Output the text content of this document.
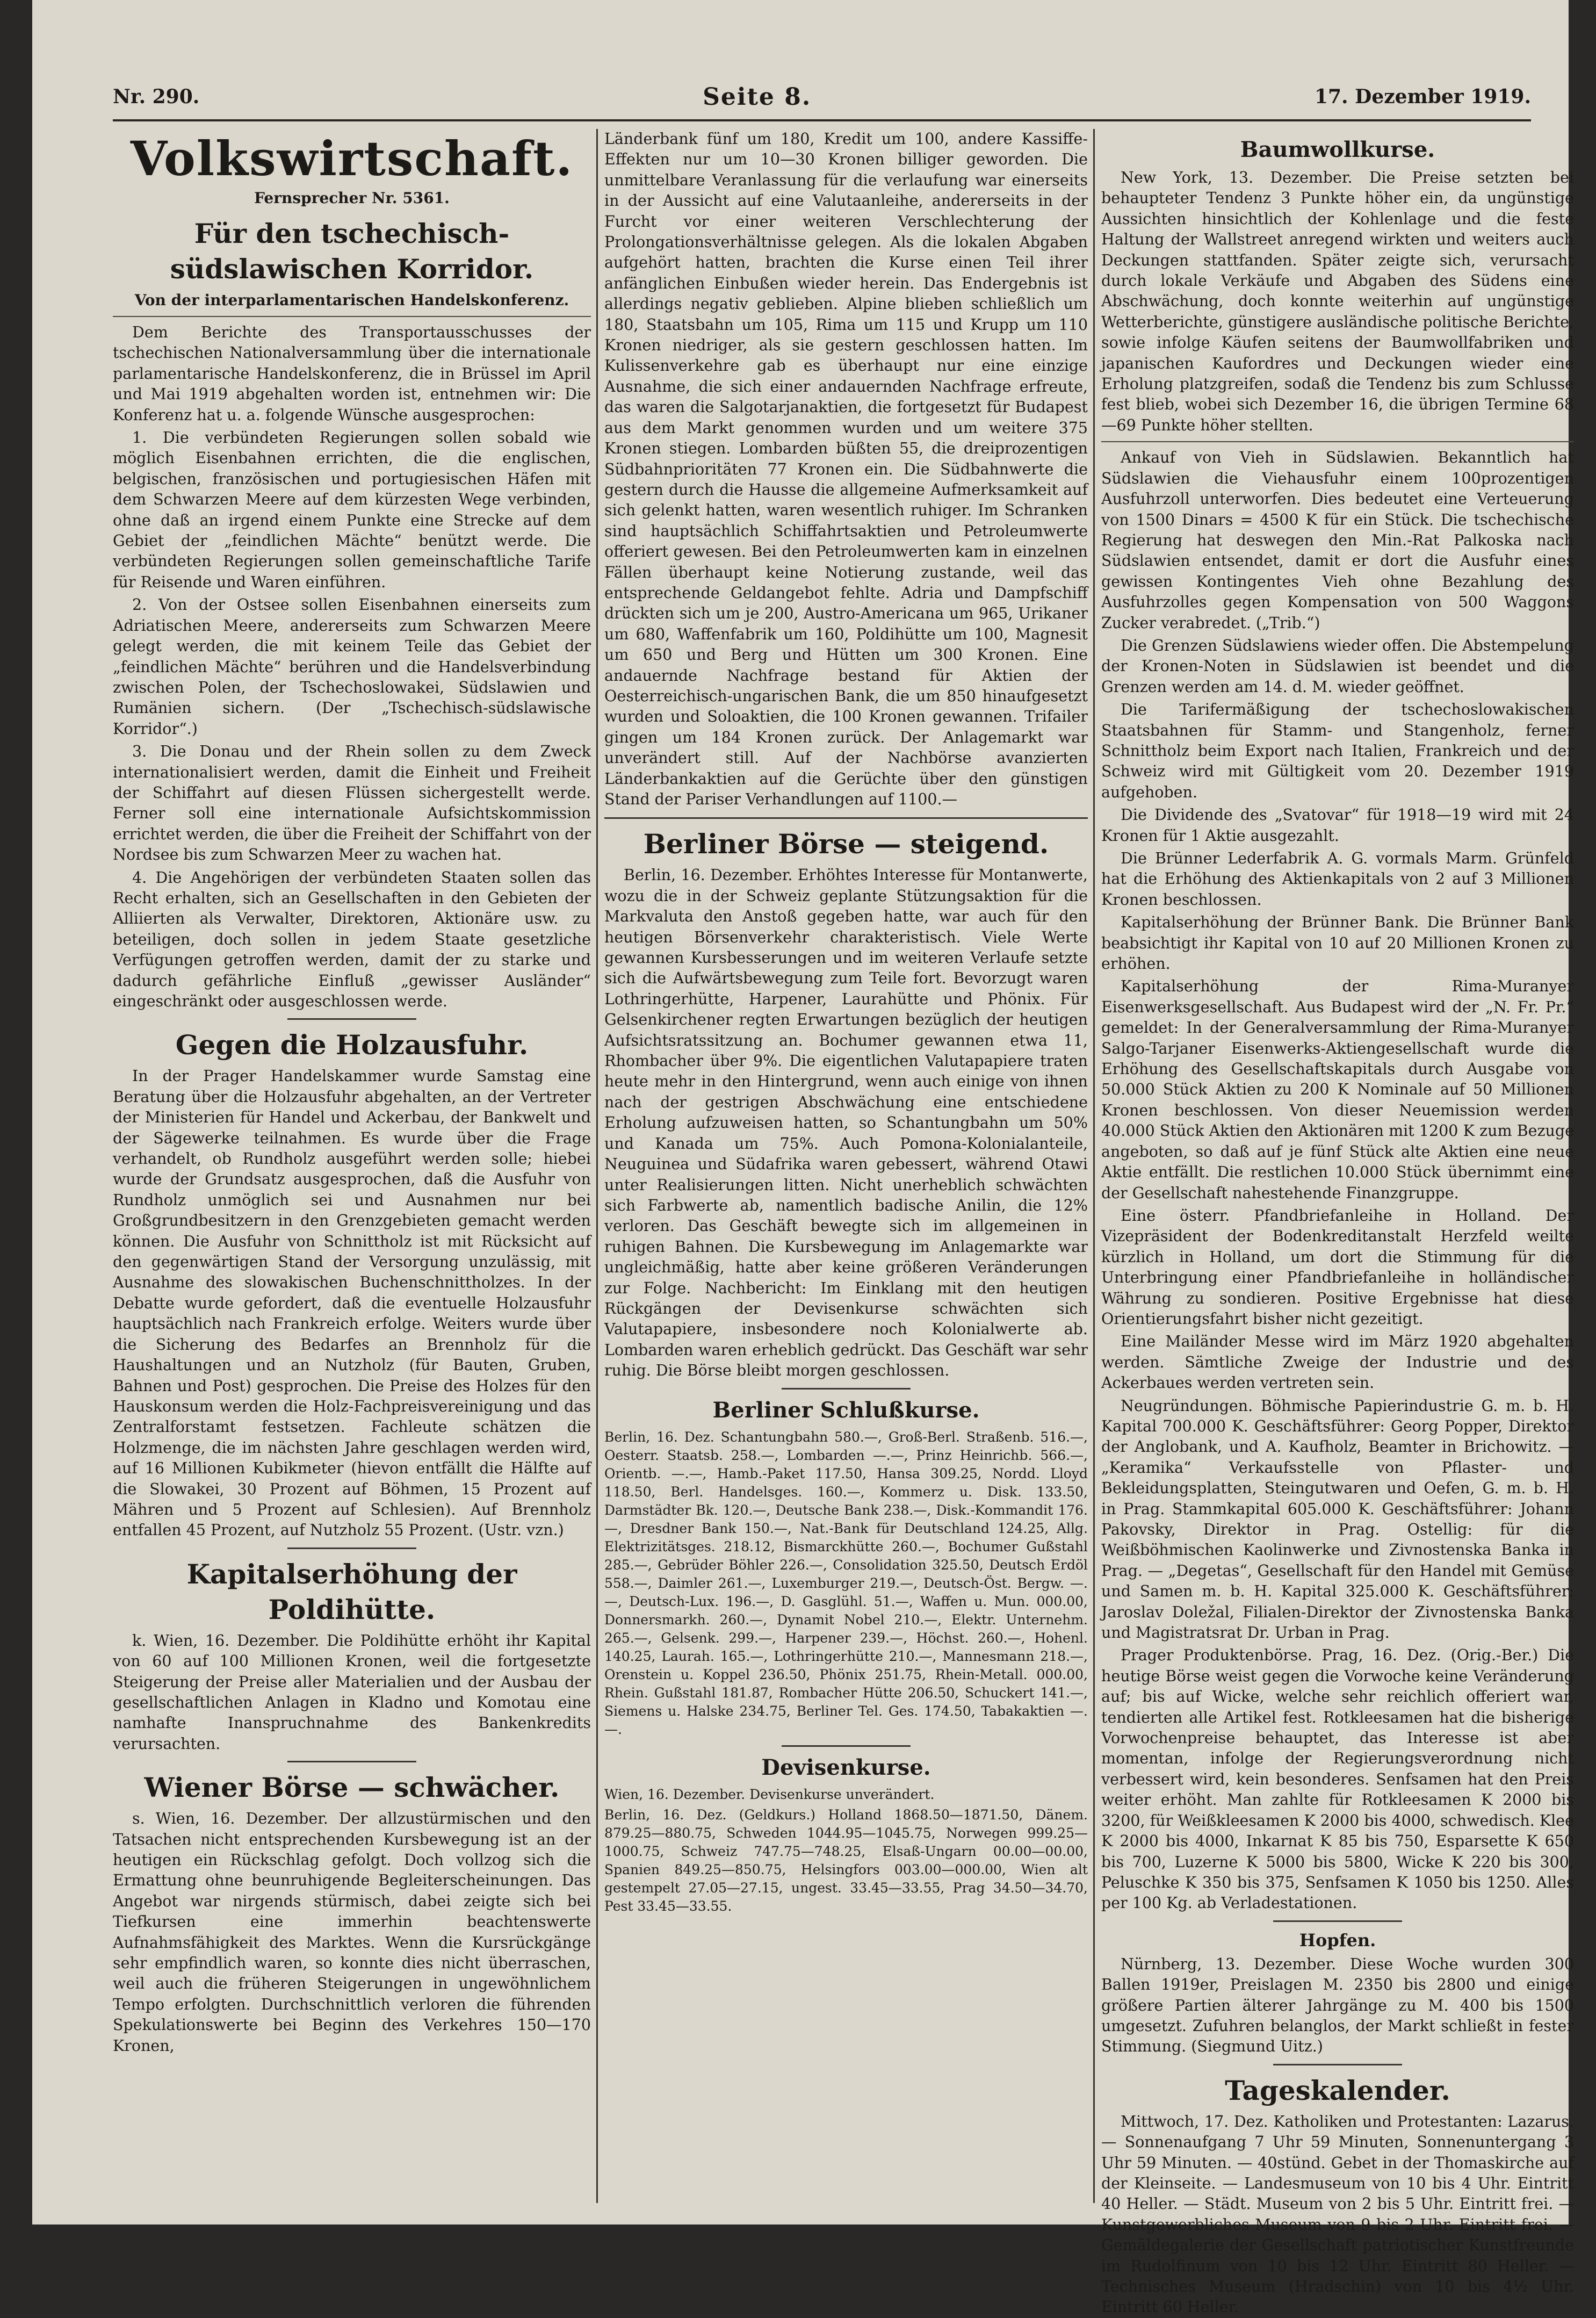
Nr. 290.	Seite 8.	17. Dezember 1919.
Volkswirtschaft.
Fernsprecher Nr. 5361.
Für den tschechisch-südslawischen Korridor.
Von der interparlamentarischen Handelskonferenz.

Dem Berichte des Transportausschusses der tschechischen Nationalversammlung über die internationale parlamentarische Handelskonferenz, die in Brüssel im April und Mai 1919 abgehalten worden ist, entnehmen wir: Die Konferenz hat u. a. folgende Wünsche ausgesprochen:

1. Die verbündeten Regierungen sollen sobald wie möglich Eisenbahnen errichten, die die englischen, belgischen, französischen und portugiesischen Häfen mit dem Schwarzen Meere auf dem kürzesten Wege verbinden, ohne daß an irgend einem Punkte eine Strecke auf dem Gebiet der „feindlichen Mächte“ benützt werde. Die verbündeten Regierungen sollen gemeinschaftliche Tarife für Reisende und Waren einführen.

2. Von der Ostsee sollen Eisenbahnen einerseits zum Adriatischen Meere, andererseits zum Schwarzen Meere gelegt werden, die mit keinem Teile das Gebiet der „feindlichen Mächte“ berühren und die Handelsverbindung zwischen Polen, der Tschechoslowakei, Südslawien und Rumänien sichern. (Der „Tschechisch-südslawische Korridor“.)

3. Die Donau und der Rhein sollen zu dem Zweck internationalisiert werden, damit die Einheit und Freiheit der Schiffahrt auf diesen Flüssen sichergestellt werde. Ferner soll eine internationale Aufsichtskommission errichtet werden, die über die Freiheit der Schiffahrt von der Nordsee bis zum Schwarzen Meer zu wachen hat.

4. Die Angehörigen der verbündeten Staaten sollen das Recht erhalten, sich an Gesellschaften in den Gebieten der Alliierten als Verwalter, Direktoren, Aktionäre usw. zu beteiligen, doch sollen in jedem Staate gesetzliche Verfügungen getroffen werden, damit der zu starke und dadurch gefährliche Einfluß „gewisser Ausländer“ eingeschränkt oder ausgeschlossen werde.

Gegen die Holzausfuhr.

In der Prager Handelskammer wurde Samstag eine Beratung über die Holzausfuhr abgehalten, an der Vertreter der Ministerien für Handel und Ackerbau, der Bankwelt und der Sägewerke teilnahmen. Es wurde über die Frage verhandelt, ob Rundholz ausgeführt werden solle; hiebei wurde der Grundsatz ausgesprochen, daß die Ausfuhr von Rundholz unmöglich sei und Ausnahmen nur bei Großgrundbesitzern in den Grenzgebieten gemacht werden können. Die Ausfuhr von Schnittholz ist mit Rücksicht auf den gegenwärtigen Stand der Versorgung unzulässig, mit Ausnahme des slowakischen Buchenschnittholzes. In der Debatte wurde gefordert, daß die eventuelle Holzausfuhr hauptsächlich nach Frankreich erfolge. Weiters wurde über die Sicherung des Bedarfes an Brennholz für die Haushaltungen und an Nutzholz (für Bauten, Gruben, Bahnen und Post) gesprochen. Die Preise des Holzes für den Hauskonsum werden die Holz-Fachpreisvereinigung und das Zentralforstamt festsetzen. Fachleute schätzen die Holzmenge, die im nächsten Jahre geschlagen werden wird, auf 16 Millionen Kubikmeter (hievon entfällt die Hälfte auf die Slowakei, 30 Prozent auf Böhmen, 15 Prozent auf Mähren und 5 Prozent auf Schlesien). Auf Brennholz entfallen 45 Prozent, auf Nutzholz 55 Prozent. (Ustr. vzn.)

Kapitalserhöhung der Poldihütte.

k. Wien, 16. Dezember. Die Poldihütte erhöht ihr Kapital von 60 auf 100 Millionen Kronen, weil die fortgesetzte Steigerung der Preise aller Materialien und der Ausbau der gesellschaftlichen Anlagen in Kladno und Komotau eine namhafte Inanspruchnahme des Bankenkredits verursachten.

Wiener Börse — schwächer.

s. Wien, 16. Dezember. Der allzustürmischen und den Tatsachen nicht entsprechenden Kursbewegung ist an der heutigen ein Rückschlag gefolgt. Doch vollzog sich die Ermattung ohne beunruhigende Begleiterscheinungen. Das Angebot war nirgends stürmisch, dabei zeigte sich bei Tiefkursen eine immerhin beachtenswerte Aufnahmsfähigkeit des Marktes. Wenn die Kursrückgänge sehr empfindlich waren, so konnte dies nicht überraschen, weil auch die früheren Steigerungen in ungewöhnlichem Tempo erfolgten. Durchschnittlich verloren die führenden Spekulationswerte bei Beginn des Verkehres 150—170 Kronen,

Länderbank fünf um 180, Kredit um 100, andere Kassiffe-Effekten nur um 10—30 Kronen billiger geworden. Die unmittelbare Veranlassung für die verlaufung war einerseits in der Aussicht auf eine Valutaanleihe, andererseits in der Furcht vor einer weiteren Verschlechterung der Prolongationsverhältnisse gelegen. Als die lokalen Abgaben aufgehört hatten, brachten die Kurse einen Teil ihrer anfänglichen Einbußen wieder herein. Das Endergebnis ist allerdings negativ geblieben. Alpine blieben schließlich um 180, Staatsbahn um 105, Rima um 115 und Krupp um 110 Kronen niedriger, als sie gestern geschlossen hatten. Im Kulissenverkehre gab es überhaupt nur eine einzige Ausnahme, die sich einer andauernden Nachfrage erfreute, das waren die Salgotarjanaktien, die fortgesetzt für Budapest aus dem Markt genommen wurden und um weitere 375 Kronen stiegen. Lombarden büßten 55, die dreiprozentigen Südbahnprioritäten 77 Kronen ein. Die Südbahnwerte die gestern durch die Hausse die allgemeine Aufmerksamkeit auf sich gelenkt hatten, waren wesentlich ruhiger. Im Schranken sind hauptsächlich Schiffahrtsaktien und Petroleumwerte offeriert gewesen. Bei den Petroleumwerten kam in einzelnen Fällen überhaupt keine Notierung zustande, weil das entsprechende Geldangebot fehlte. Adria und Dampfschiff drückten sich um je 200, Austro-Americana um 965, Urikaner um 680, Waffenfabrik um 160, Poldihütte um 100, Magnesit um 650 und Berg und Hütten um 300 Kronen. Eine andauernde Nachfrage bestand für Aktien der Oesterreichisch-ungarischen Bank, die um 850 hinaufgesetzt wurden und Soloaktien, die 100 Kronen gewannen. Trifailer gingen um 184 Kronen zurück. Der Anlagemarkt war unverändert still. Auf der Nachbörse avanzierten Länderbankaktien auf die Gerüchte über den günstigen Stand der Pariser Verhandlungen auf 1100.—

Berliner Börse — steigend.

Berlin, 16. Dezember. Erhöhtes Interesse für Montanwerte, wozu die in der Schweiz geplante Stützungsaktion für die Markvaluta den Anstoß gegeben hatte, war auch für den heutigen Börsenverkehr charakteristisch. Viele Werte gewannen Kursbesserungen und im weiteren Verlaufe setzte sich die Aufwärtsbewegung zum Teile fort. Bevorzugt waren Lothringerhütte, Harpener, Laurahütte und Phönix. Für Gelsenkirchener regten Erwartungen bezüglich der heutigen Aufsichtsratssitzung an. Bochumer gewannen etwa 11, Rhombacher über 9%. Die eigentlichen Valutapapiere traten heute mehr in den Hintergrund, wenn auch einige von ihnen nach der gestrigen Abschwächung eine entschiedene Erholung aufzuweisen hatten, so Schantungbahn um 50% und Kanada um 75%. Auch Pomona-Kolonialanteile, Neuguinea und Südafrika waren gebessert, während Otawi unter Realisierungen litten. Nicht unerheblich schwächten sich Farbwerte ab, namentlich badische Anilin, die 12% verloren. Das Geschäft bewegte sich im allgemeinen in ruhigen Bahnen. Die Kursbewegung im Anlagemarkte war ungleichmäßig, hatte aber keine größeren Veränderungen zur Folge. Nachbericht: Im Einklang mit den heutigen Rückgängen der Devisenkurse schwächten sich Valutapapiere, insbesondere noch Kolonialwerte ab. Lombarden waren erheblich gedrückt. Das Geschäft war sehr ruhig. Die Börse bleibt morgen geschlossen.

Berliner Schlußkurse.

Berlin, 16. Dez. Schantungbahn 580.—, Groß-Berl. Straßenb. 516.—, Oesterr. Staatsb. 258.—, Lombarden —.—, Prinz Heinrichb. 566.—, Orientb. —.—, Hamb.-Paket 117.50, Hansa 309.25, Nordd. Lloyd 118.50, Berl. Handelsges. 160.—, Kommerz u. Disk. 133.50, Darmstädter Bk. 120.—, Deutsche Bank 238.—, Disk.-Kommandit 176.—, Dresdner Bank 150.—, Nat.-Bank für Deutschland 124.25, Allg. Elektrizitätsges. 218.12, Bismarckhütte 260.—, Bochumer Gußstahl 285.—, Gebrüder Böhler 226.—, Consolidation 325.50, Deutsch Erdöl 558.—, Daimler 261.—, Luxemburger 219.—, Deutsch-Öst. Bergw. —.—, Deutsch-Lux. 196.—, D. Gasglühl. 51.—, Waffen u. Mun. 000.00, Donnersmarkh. 260.—, Dynamit Nobel 210.—, Elektr. Unternehm. 265.—, Gelsenk. 299.—, Harpener 239.—, Höchst. 260.—, Hohenl. 140.25, Laurah. 165.—, Lothringerhütte 210.—, Mannesmann 218.—, Orenstein u. Koppel 236.50, Phönix 251.75, Rhein-Metall. 000.00, Rhein. Gußstahl 181.87, Rombacher Hütte 206.50, Schuckert 141.—, Siemens u. Halske 234.75, Berliner Tel. Ges. 174.50, Tabakaktien —.—.

Devisenkurse.

Wien, 16. Dezember. Devisenkurse unverändert.

Berlin, 16. Dez. (Geldkurs.) Holland 1868.50—1871.50, Dänem. 879.25—880.75, Schweden 1044.95—1045.75, Norwegen 999.25—1000.75, Schweiz 747.75—748.25, Elsaß-Ungarn 00.00—00.00, Spanien 849.25—850.75, Helsingfors 003.00—000.00, Wien alt gestempelt 27.05—27.15, ungest. 33.45—33.55, Prag 34.50—34.70, Pest 33.45—33.55.

Baumwollkurse.

New York, 13. Dezember. Die Preise setzten bei behaupteter Tendenz 3 Punkte höher ein, da ungünstige Aussichten hinsichtlich der Kohlenlage und die feste Haltung der Wallstreet anregend wirkten und weiters auch Deckungen stattfanden. Später zeigte sich, verursacht durch lokale Verkäufe und Abgaben des Südens eine Abschwächung, doch konnte weiterhin auf ungünstige Wetterberichte, günstigere ausländische politische Berichte, sowie infolge Käufen seitens der Baumwollfabriken und japanischen Kaufordres und Deckungen wieder eine Erholung platzgreifen, sodaß die Tendenz bis zum Schlusse fest blieb, wobei sich Dezember 16, die übrigen Termine 68—69 Punkte höher stellten.

Ankauf von Vieh in Südslawien. Bekanntlich hat Südslawien die Viehausfuhr einem 100prozentigen Ausfuhrzoll unterworfen. Dies bedeutet eine Verteuerung von 1500 Dinars = 4500 K für ein Stück. Die tschechische Regierung hat deswegen den Min.-Rat Palkoska nach Südslawien entsendet, damit er dort die Ausfuhr eines gewissen Kontingentes Vieh ohne Bezahlung des Ausfuhrzolles gegen Kompensation von 500 Waggons Zucker verabredet. („Trib.“)

Die Grenzen Südslawiens wieder offen. Die Abstempelung der Kronen-Noten in Südslawien ist beendet und die Grenzen werden am 14. d. M. wieder geöffnet.

Die Tarifermäßigung der tschechoslowakischen Staatsbahnen für Stamm- und Stangenholz, ferner Schnittholz beim Export nach Italien, Frankreich und der Schweiz wird mit Gültigkeit vom 20. Dezember 1919 aufgehoben.

Die Dividende des „Svatovar“ für 1918—19 wird mit 24 Kronen für 1 Aktie ausgezahlt.

Die Brünner Lederfabrik A. G. vormals Marm. Grünfeld hat die Erhöhung des Aktienkapitals von 2 auf 3 Millionen Kronen beschlossen.

Kapitalserhöhung der Brünner Bank. Die Brünner Bank beabsichtigt ihr Kapital von 10 auf 20 Millionen Kronen zu erhöhen.

Kapitalserhöhung der Rima-Muranyer Eisenwerksgesellschaft. Aus Budapest wird der „N. Fr. Pr.“ gemeldet: In der Generalversammlung der Rima-Muranyer Salgo-Tarjaner Eisenwerks-Aktiengesellschaft wurde die Erhöhung des Gesellschaftskapitals durch Ausgabe von 50.000 Stück Aktien zu 200 K Nominale auf 50 Millionen Kronen beschlossen. Von dieser Neuemission werden 40.000 Stück Aktien den Aktionären mit 1200 K zum Bezuge angeboten, so daß auf je fünf Stück alte Aktien eine neue Aktie entfällt. Die restlichen 10.000 Stück übernimmt eine der Gesellschaft nahestehende Finanzgruppe.

Eine österr. Pfandbriefanleihe in Holland. Der Vizepräsident der Bodenkreditanstalt Herzfeld weilte kürzlich in Holland, um dort die Stimmung für die Unterbringung einer Pfandbriefanleihe in holländischer Währung zu sondieren. Positive Ergebnisse hat diese Orientierungsfahrt bisher nicht gezeitigt.

Eine Mailänder Messe wird im März 1920 abgehalten werden. Sämtliche Zweige der Industrie und des Ackerbaues werden vertreten sein.

Neugründungen. Böhmische Papierindustrie G. m. b. H. Kapital 700.000 K. Geschäftsführer: Georg Popper, Direktor der Anglobank, und A. Kaufholz, Beamter in Brichowitz. — „Keramika“ Verkaufsstelle von Pflaster- und Bekleidungsplatten, Steingutwaren und Oefen, G. m. b. H. in Prag. Stammkapital 605.000 K. Geschäftsführer: Johann Pakovsky, Direktor in Prag. Ostellig: für die Weißböhmischen Kaolinwerke und Zivnostenska Banka in Prag. — „Degetas“, Gesellschaft für den Handel mit Gemüse und Samen m. b. H. Kapital 325.000 K. Geschäftsführer: Jaroslav Doležal, Filialen-Direktor der Zivnostenska Banka und Magistratsrat Dr. Urban in Prag.

Prager Produktenbörse. Prag, 16. Dez. (Orig.-Ber.) Die heutige Börse weist gegen die Vorwoche keine Veränderung auf; bis auf Wicke, welche sehr reichlich offeriert war, tendierten alle Artikel fest. Rotkleesamen hat die bisherige Vorwochenpreise behauptet, das Interesse ist aber momentan, infolge der Regierungsverordnung nicht verbessert wird, kein besonderes. Senfsamen hat den Preis weiter erhöht. Man zahlte für Rotkleesamen K 2000 bis 3200, für Weißkleesamen K 2000 bis 4000, schwedisch. Klee K 2000 bis 4000, Inkarnat K 85 bis 750, Esparsette K 650 bis 700, Luzerne K 5000 bis 5800, Wicke K 220 bis 300, Peluschke K 350 bis 375, Senfsamen K 1050 bis 1250. Alles per 100 Kg. ab Verladestationen.

Hopfen.

Nürnberg, 13. Dezember. Diese Woche wurden 300 Ballen 1919er, Preislagen M. 2350 bis 2800 und einige größere Partien älterer Jahrgänge zu M. 400 bis 1500 umgesetzt. Zufuhren belanglos, der Markt schließt in fester Stimmung. (Siegmund Uitz.)

Tageskalender.

Mittwoch, 17. Dez. Katholiken und Protestanten: Lazarus. — Sonnenaufgang 7 Uhr 59 Minuten, Sonnenuntergang 3 Uhr 59 Minuten. — 40stünd. Gebet in der Thomaskirche auf der Kleinseite. — Landesmuseum von 10 bis 4 Uhr. Eintritt 40 Heller. — Städt. Museum von 2 bis 5 Uhr. Eintritt frei. — Kunstgewerbliches Museum von 9 bis 2 Uhr. Eintritt frei. — Gemäldegalerie der Gesellschaft patriotischer Kunstfreunde im Rudolfinum von 10 bis 12 Uhr. Eintritt 80 Heller. — Technisches Museum (Hradschin) von 10 bis 4½ Uhr. Eintritt 60 Heller.
